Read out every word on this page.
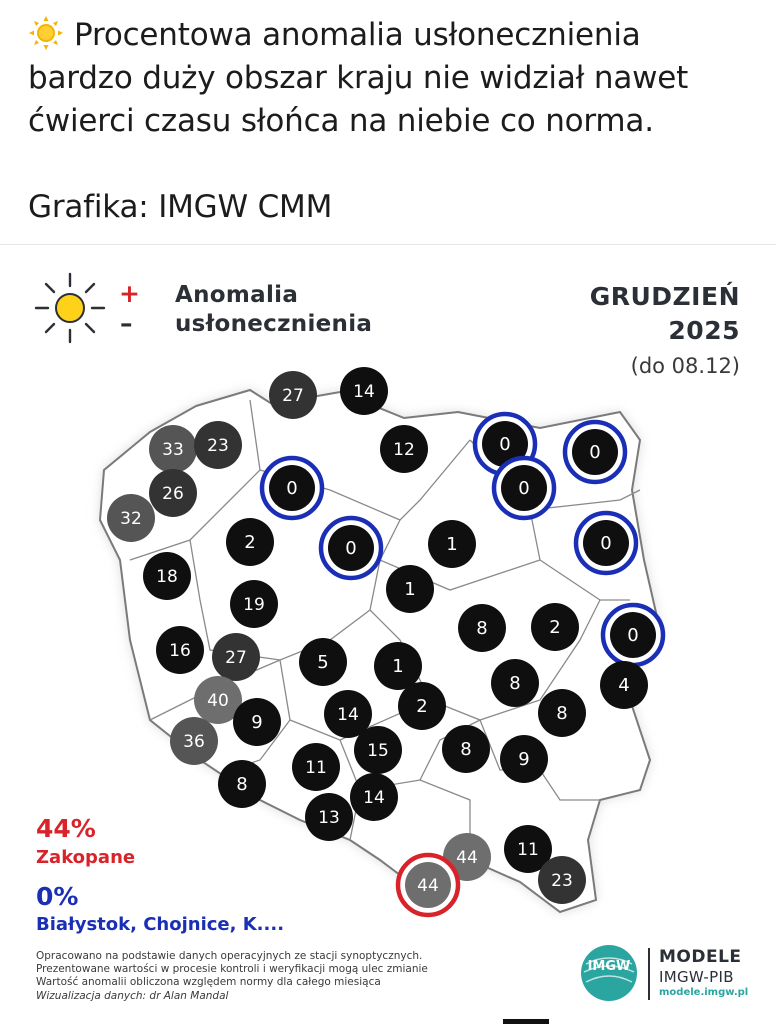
Procentowa anomalia usłonecznienia
bardzo duży obszar kraju nie widział nawet
ćwierci czasu słońca na niebie co norma.
Grafika: IMGW CMM
27	14
33 23	12	0	0
0
26	0
32
2	0	1	0
18
1
19
8	2	0
16 27	5	1
8	4
40
9	14	2	8
36	15	8	9
11
8
14
13
11
44
23
44
+
–
Anomalia
usłonecznienia
GRUDZIEŃ
2025
(do 08.12)
44%
Zakopane
0%
Białystok, Chojnice, K....
Opracowano na podstawie danych operacyjnych ze stacji synoptycznych.
Prezentowane wartości w procesie kontroli i weryfikacji mogą ulec zmianie
Wartość anomalii obliczona względem normy dla całego miesiąca
Wizualizacja danych: dr Alan Mandal
IMGW MODELE
IMGW-PIB
modele.imgw.pl
